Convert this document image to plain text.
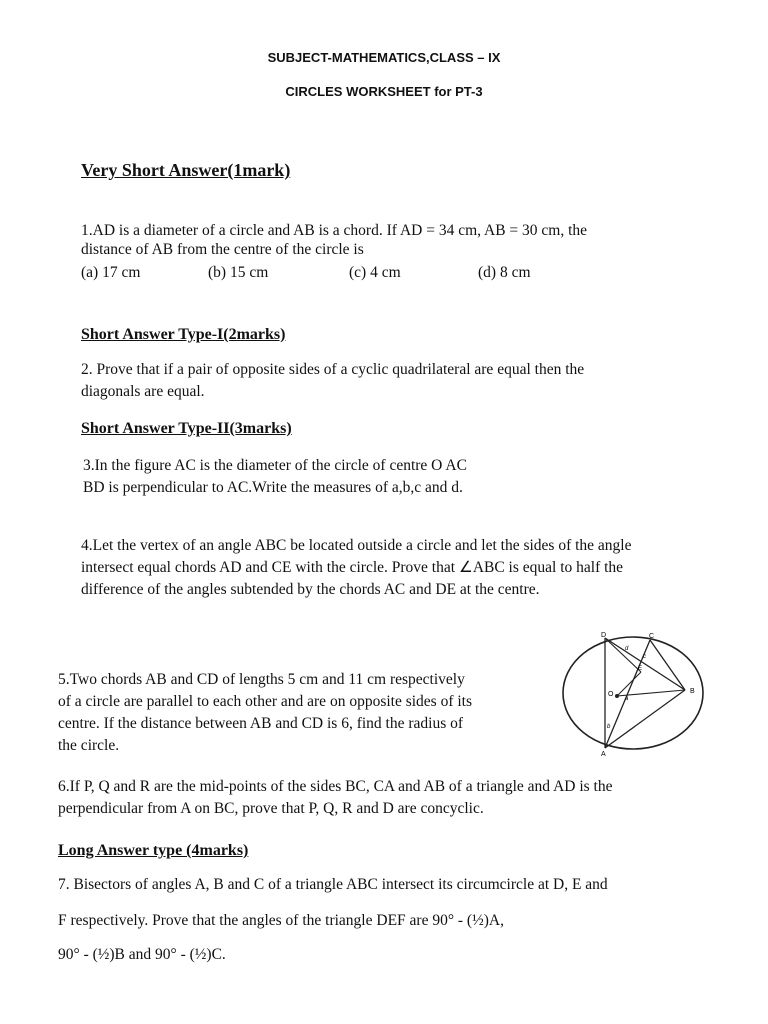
SUBJECT-MATHEMATICS,CLASS – IX

CIRCLES WORKSHEET for PT-3

Very Short Answer(1mark)

1.AD is a diameter of a circle and AB is a chord. If AD = 34 cm, AB = 30 cm, the
distance of AB from the centre of the circle is
(a) 17 cm	(b) 15 cm	(c) 4 cm	(d) 8 cm

Short Answer Type-I(2marks)

2. Prove that if a pair of opposite sides of a cyclic quadrilateral are equal then the
diagonals are equal.

Short Answer Type-II(3marks)

3.In the figure AC is the diameter of the circle of centre O AC
BD is perpendicular to AC.Write the measures of a,b,c and d.
4.Let the vertex of an angle ABC be located outside a circle and let the sides of the angle
intersect equal chords AD and CE with the circle. Prove that ∠ABC is equal to half the
difference of the angles subtended by the chords AC and DE at the centre.
5.Two chords AB and CD of lengths 5 cm and 11 cm respectively
of a circle are parallel to each other and are on opposite sides of its
centre. If the distance between AB and CD is 6, find the radius of
the circle.
D	C
E
O	B
A
d
c
a
b
6.If P, Q and R are the mid-points of the sides BC, CA and AB of a triangle and AD is the
perpendicular from A on BC, prove that P, Q, R and D are concyclic.

Long Answer type (4marks)

7. Bisectors of angles A, B and C of a triangle ABC intersect its circumcircle at D, E and

F respectively. Prove that the angles of the triangle DEF are 90° - (½)A,

90° - (½)B and 90° - (½)C.
